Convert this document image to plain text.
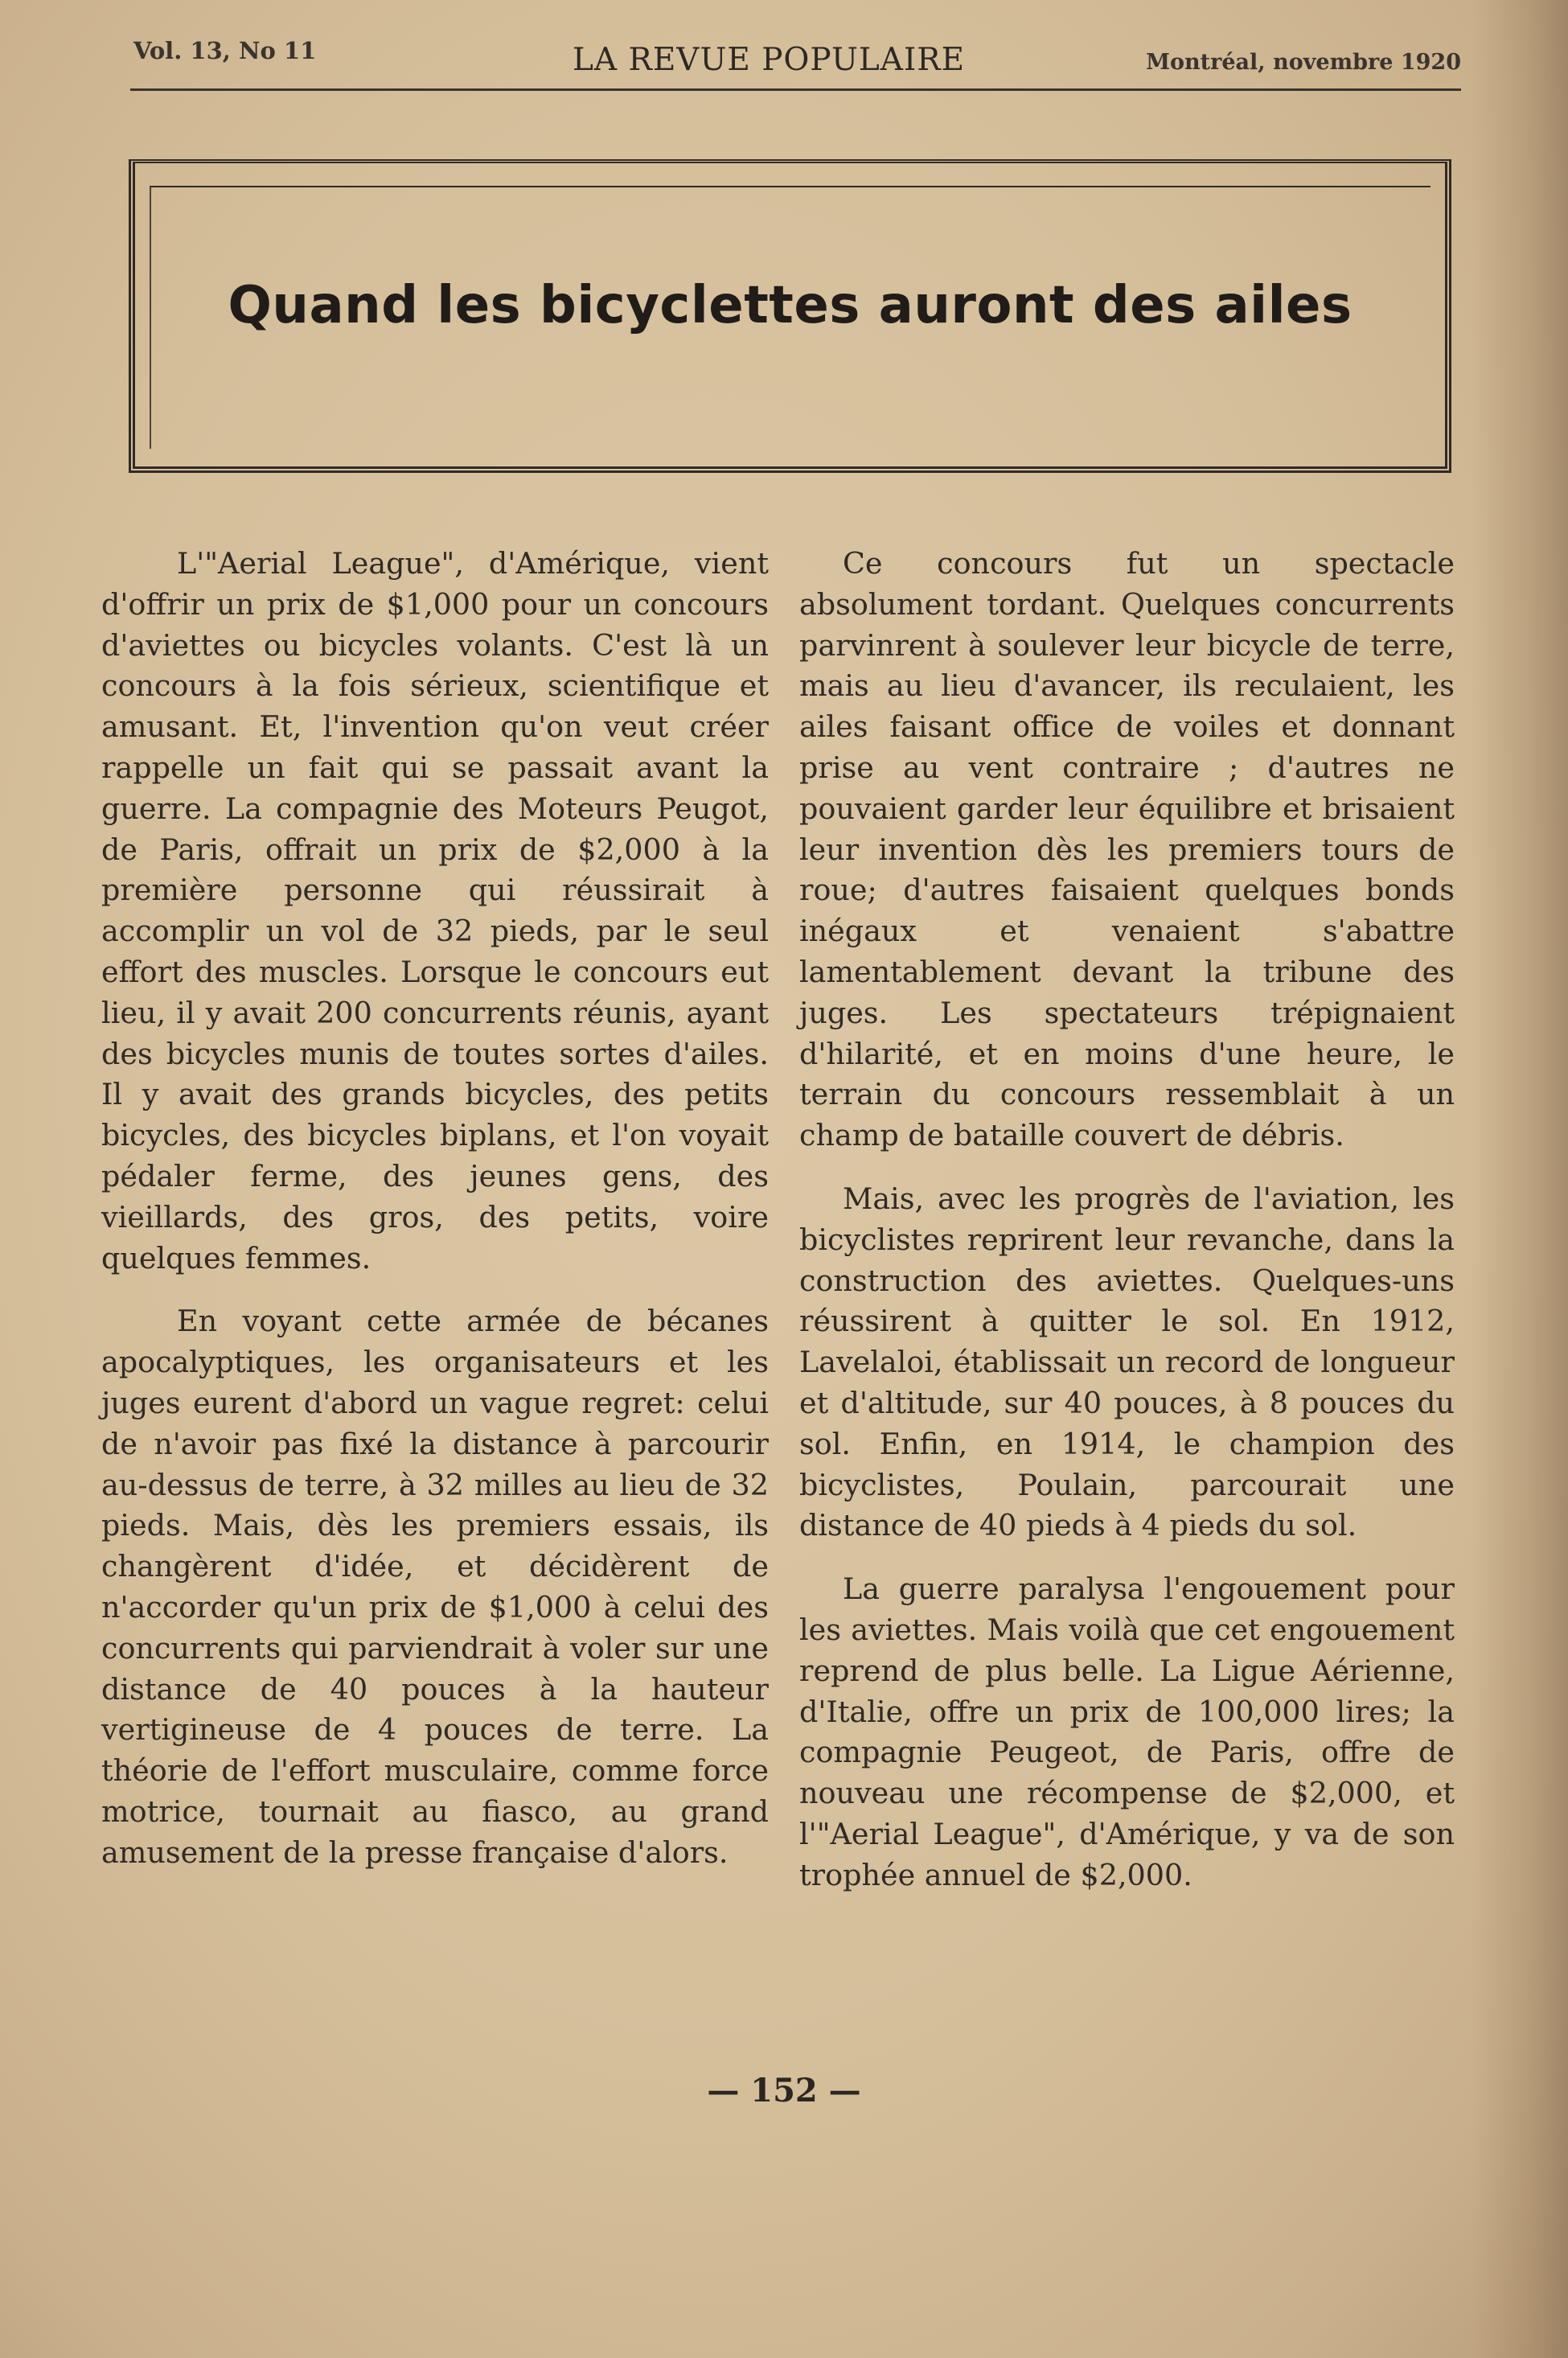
Vol. 13, No 11	LA REVUE POPULAIRE	Montréal, novembre 1920
Quand les bicyclettes auront des ailes

L'"Aerial League", d'Amérique, vient d'offrir un prix de $1,000 pour un concours d'aviettes ou bicycles volants. C'est là un concours à la fois sérieux, scientifique et amusant. Et, l'invention qu'on veut créer rappelle un fait qui se passait avant la guerre. La compagnie des Moteurs Peugot, de Paris, offrait un prix de $2,000 à la première personne qui réussirait à accomplir un vol de 32 pieds, par le seul effort des muscles. Lorsque le concours eut lieu, il y avait 200 concurrents réunis, ayant des bicycles munis de toutes sortes d'ailes. Il y avait des grands bicycles, des petits bicycles, des bicycles biplans, et l'on voyait pédaler ferme, des jeunes gens, des vieillards, des gros, des petits, voire quelques femmes.

En voyant cette armée de bécanes apocalyptiques, les organisateurs et les juges eurent d'abord un vague regret: celui de n'avoir pas fixé la distance à parcourir au-dessus de terre, à 32 milles au lieu de 32 pieds. Mais, dès les premiers essais, ils changèrent d'idée, et décidèrent de n'accorder qu'un prix de $1,000 à celui des concurrents qui parviendrait à voler sur une distance de 40 pouces à la hauteur vertigineuse de 4 pouces de terre. La théorie de l'effort musculaire, comme force motrice, tournait au fiasco, au grand amusement de la presse française d'alors.

Ce concours fut un spectacle absolument tordant. Quelques concurrents parvinrent à soulever leur bicycle de terre, mais au lieu d'avancer, ils reculaient, les ailes faisant office de voiles et donnant prise au vent contraire ; d'autres ne pouvaient garder leur équilibre et brisaient leur invention dès les premiers tours de roue; d'autres faisaient quelques bonds inégaux et venaient s'abattre lamentablement devant la tribune des juges. Les spectateurs trépignaient d'hilarité, et en moins d'une heure, le terrain du concours ressemblait à un champ de bataille couvert de débris.

Mais, avec les progrès de l'aviation, les bicyclistes reprirent leur revanche, dans la construction des aviettes. Quelques-uns réussirent à quitter le sol. En 1912, Lavelaloi, établissait un record de longueur et d'altitude, sur 40 pouces, à 8 pouces du sol. Enfin, en 1914, le champion des bicyclistes, Poulain, parcourait une distance de 40 pieds à 4 pieds du sol.

La guerre paralysa l'engouement pour les aviettes. Mais voilà que cet engouement reprend de plus belle. La Ligue Aérienne, d'Italie, offre un prix de 100,000 lires; la compagnie Peugeot, de Paris, offre de nouveau une récompense de $2,000, et l'"Aerial League", d'Amérique, y va de son trophée annuel de $2,000.

— 152 —
